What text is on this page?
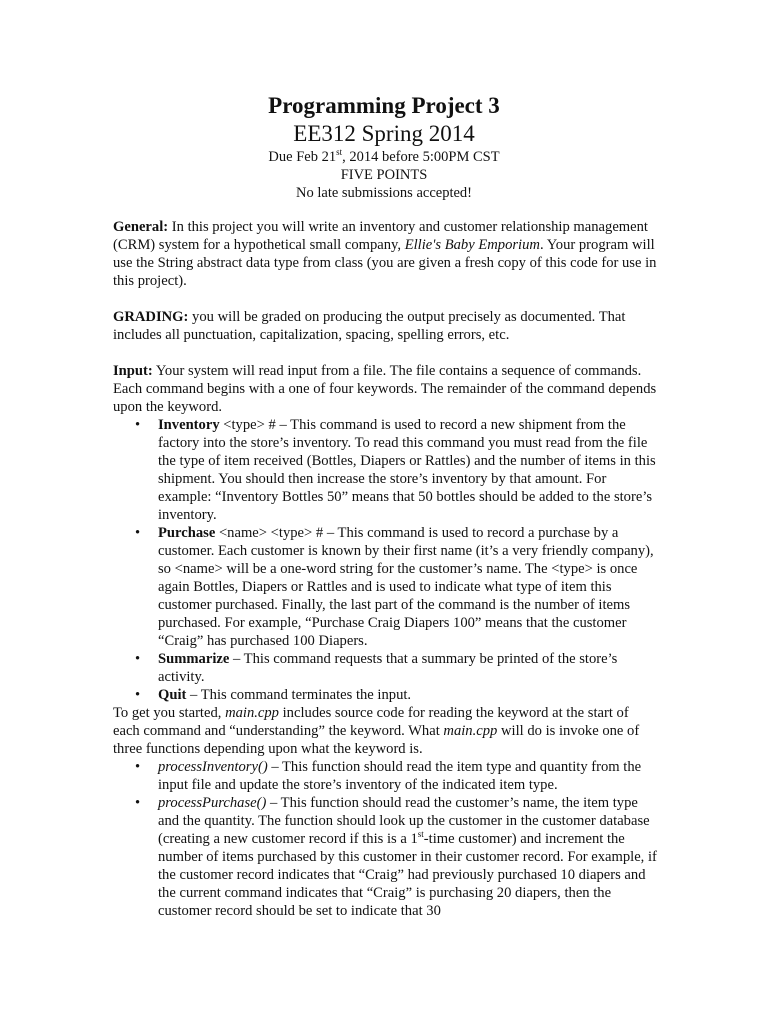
Programming Project 3

EE312 Spring 2014

Due Feb 21st, 2014 before 5:00PM CST

FIVE POINTS

No late submissions accepted!

General: In this project you will write an inventory and customer relationship management (CRM) system for a hypothetical small company, Ellie's Baby Emporium. Your program will use the String abstract data type from class (you are given a fresh copy of this code for use in this project).

GRADING: you will be graded on producing the output precisely as documented. That includes all punctuation, capitalization, spacing, spelling errors, etc.

Input: Your system will read input from a file. The file contains a sequence of commands. Each command begins with a one of four keywords. The remainder of the command depends upon the keyword.

• Inventory <type> # – This command is used to record a new shipment from the factory into the store’s inventory. To read this command you must read from the file the type of item received (Bottles, Diapers or Rattles) and the number of items in this shipment. You should then increase the store’s inventory by that amount. For example: “Inventory Bottles 50” means that 50 bottles should be added to the store’s inventory.
• Purchase <name> <type> # – This command is used to record a purchase by a customer. Each customer is known by their first name (it’s a very friendly company), so <name> will be a one-word string for the customer’s name. The <type> is once again Bottles, Diapers or Rattles and is used to indicate what type of item this customer purchased. Finally, the last part of the command is the number of items purchased. For example, “Purchase Craig Diapers 100” means that the customer “Craig” has purchased 100 Diapers.
• Summarize – This command requests that a summary be printed of the store’s activity.
• Quit – This command terminates the input.

To get you started, main.cpp includes source code for reading the keyword at the start of each command and “understanding” the keyword. What main.cpp will do is invoke one of three functions depending upon what the keyword is.

• processInventory() – This function should read the item type and quantity from the input file and update the store’s inventory of the indicated item type.
• processPurchase() – This function should read the customer’s name, the item type and the quantity. The function should look up the customer in the customer database (creating a new customer record if this is a 1st-time customer) and increment the number of items purchased by this customer in their customer record. For example, if the customer record indicates that “Craig” had previously purchased 10 diapers and the current command indicates that “Craig” is purchasing 20 diapers, then the customer record should be set to indicate that 30
